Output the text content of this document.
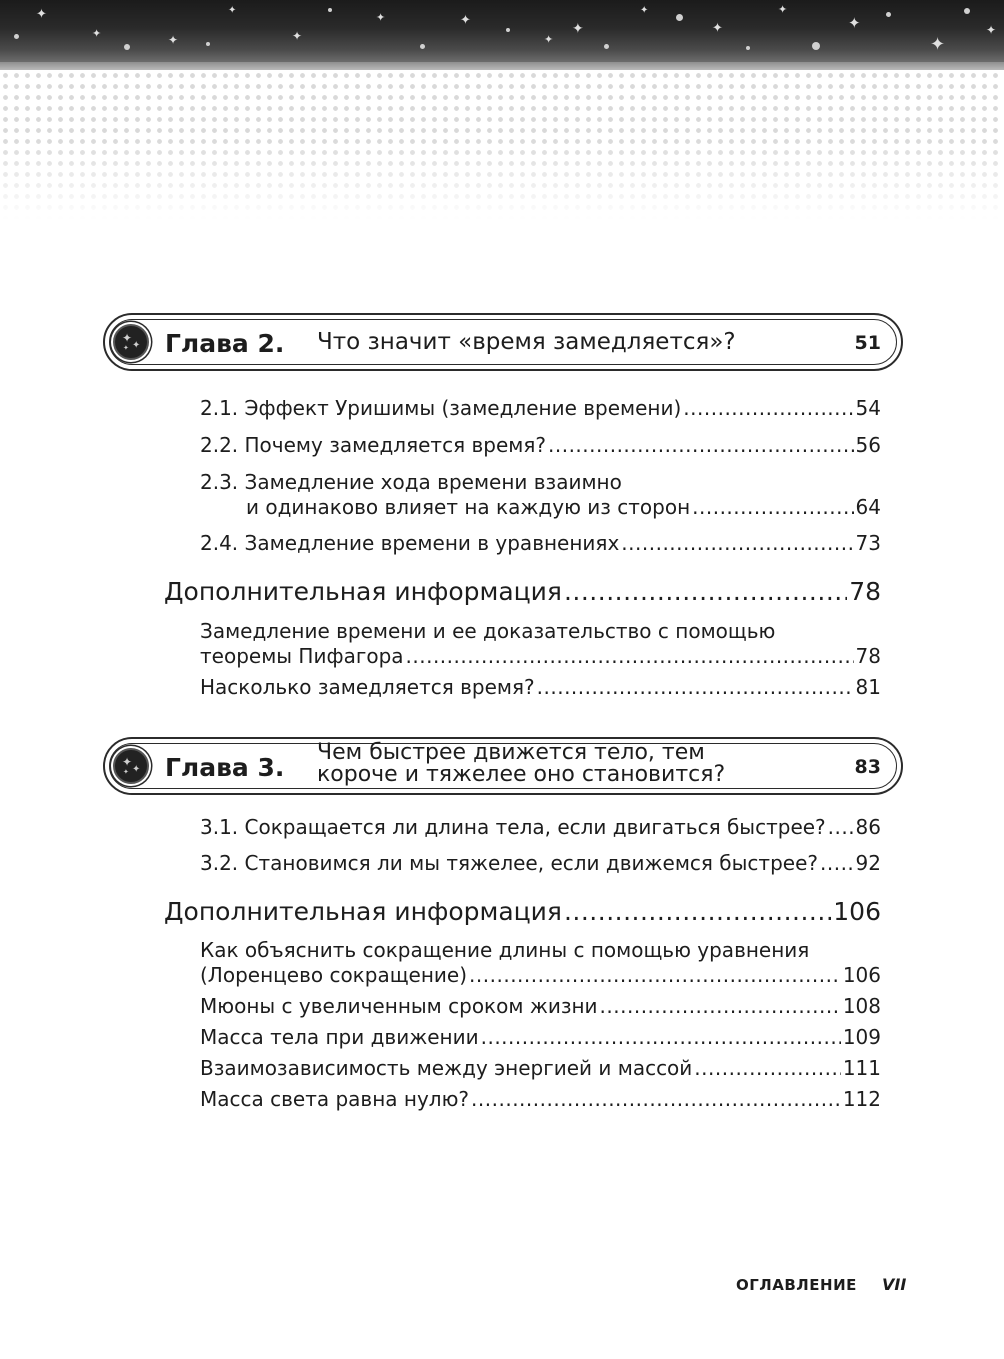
✦
✦	✦
✦
✦
✦	✦
✦
✦
✦
✦
✦
✦
✦
✦
✦
✦
✦ Глава 2. Что значит «время замедляется»?	51
2.1. Эффект Уришимы (замедление времени) .....	54
2.2. Почему замедляется время? .....	56
2.3. Замедление хода времени взаимно
и одинаково влияет на каждую из сторон .....	64
2.4. Замедление времени в уравнениях .....	73
Дополнительная информация .....	78
Замедление времени и ее доказательство с помощью
теоремы Пифагора .....	78
Насколько замедляется время? .....	81
✦
✦
✦ Глава 3.
Чем быстрее движется тело, тем
короче и тяжелее оно становится?	83
3.1. Сокращается ли длина тела, если двигаться быстрее? ..... 86
3.2. Становимся ли мы тяжелее, если движемся быстрее? ..... 92
Дополнительная информация .....	106
Как объяснить сокращение длины с помощью уравнения
(Лоренцево сокращение) .....	106
Мюоны с увеличенным сроком жизни .....	108
Масса тела при движении .....	109
Взаимозависимость между энергией и массой .....	111
Масса света равна нулю? .....	112
ОГЛАВЛЕНИЕ VII
